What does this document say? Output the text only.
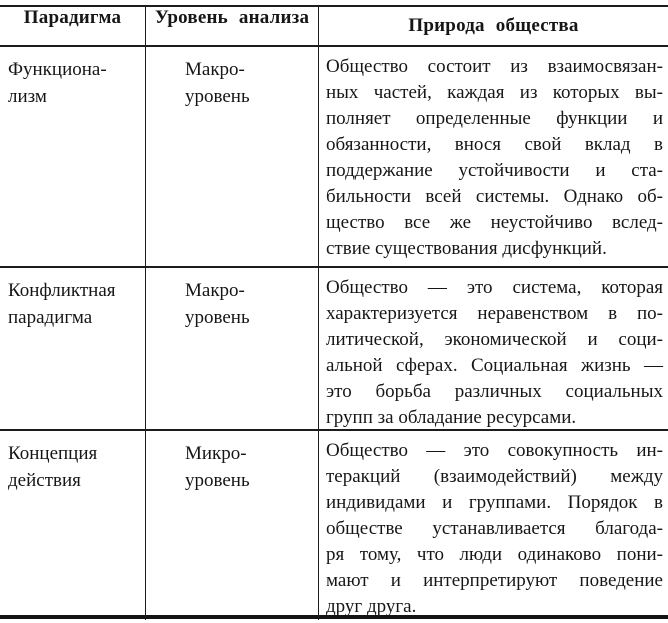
Парадигма	Уровень анализа	Природа общества
Функциона-
лизм
Макро-
уровень
Общество состоит из взаимосвязан-
ных частей, каждая из которых вы-
полняет определенные функции и
обязанности, внося свой вклад в
поддержание устойчивости и ста-
бильности всей системы. Однако об-
щество все же неустойчиво вслед-
ствие существования дисфункций.
Конфликтная
парадигма
Макро-
уровень
Общество — это система, которая
характеризуется неравенством в по-
литической, экономической и соци-
альной сферах. Социальная жизнь —
это борьба различных социальных
групп за обладание ресурсами.
Концепция
действия
Микро-
уровень
Общество — это совокупность ин-
теракций (взаимодействий) между
индивидами и группами. Порядок в
обществе устанавливается благода-
ря тому, что люди одинаково пони-
мают и интерпретируют поведение
друг друга.
